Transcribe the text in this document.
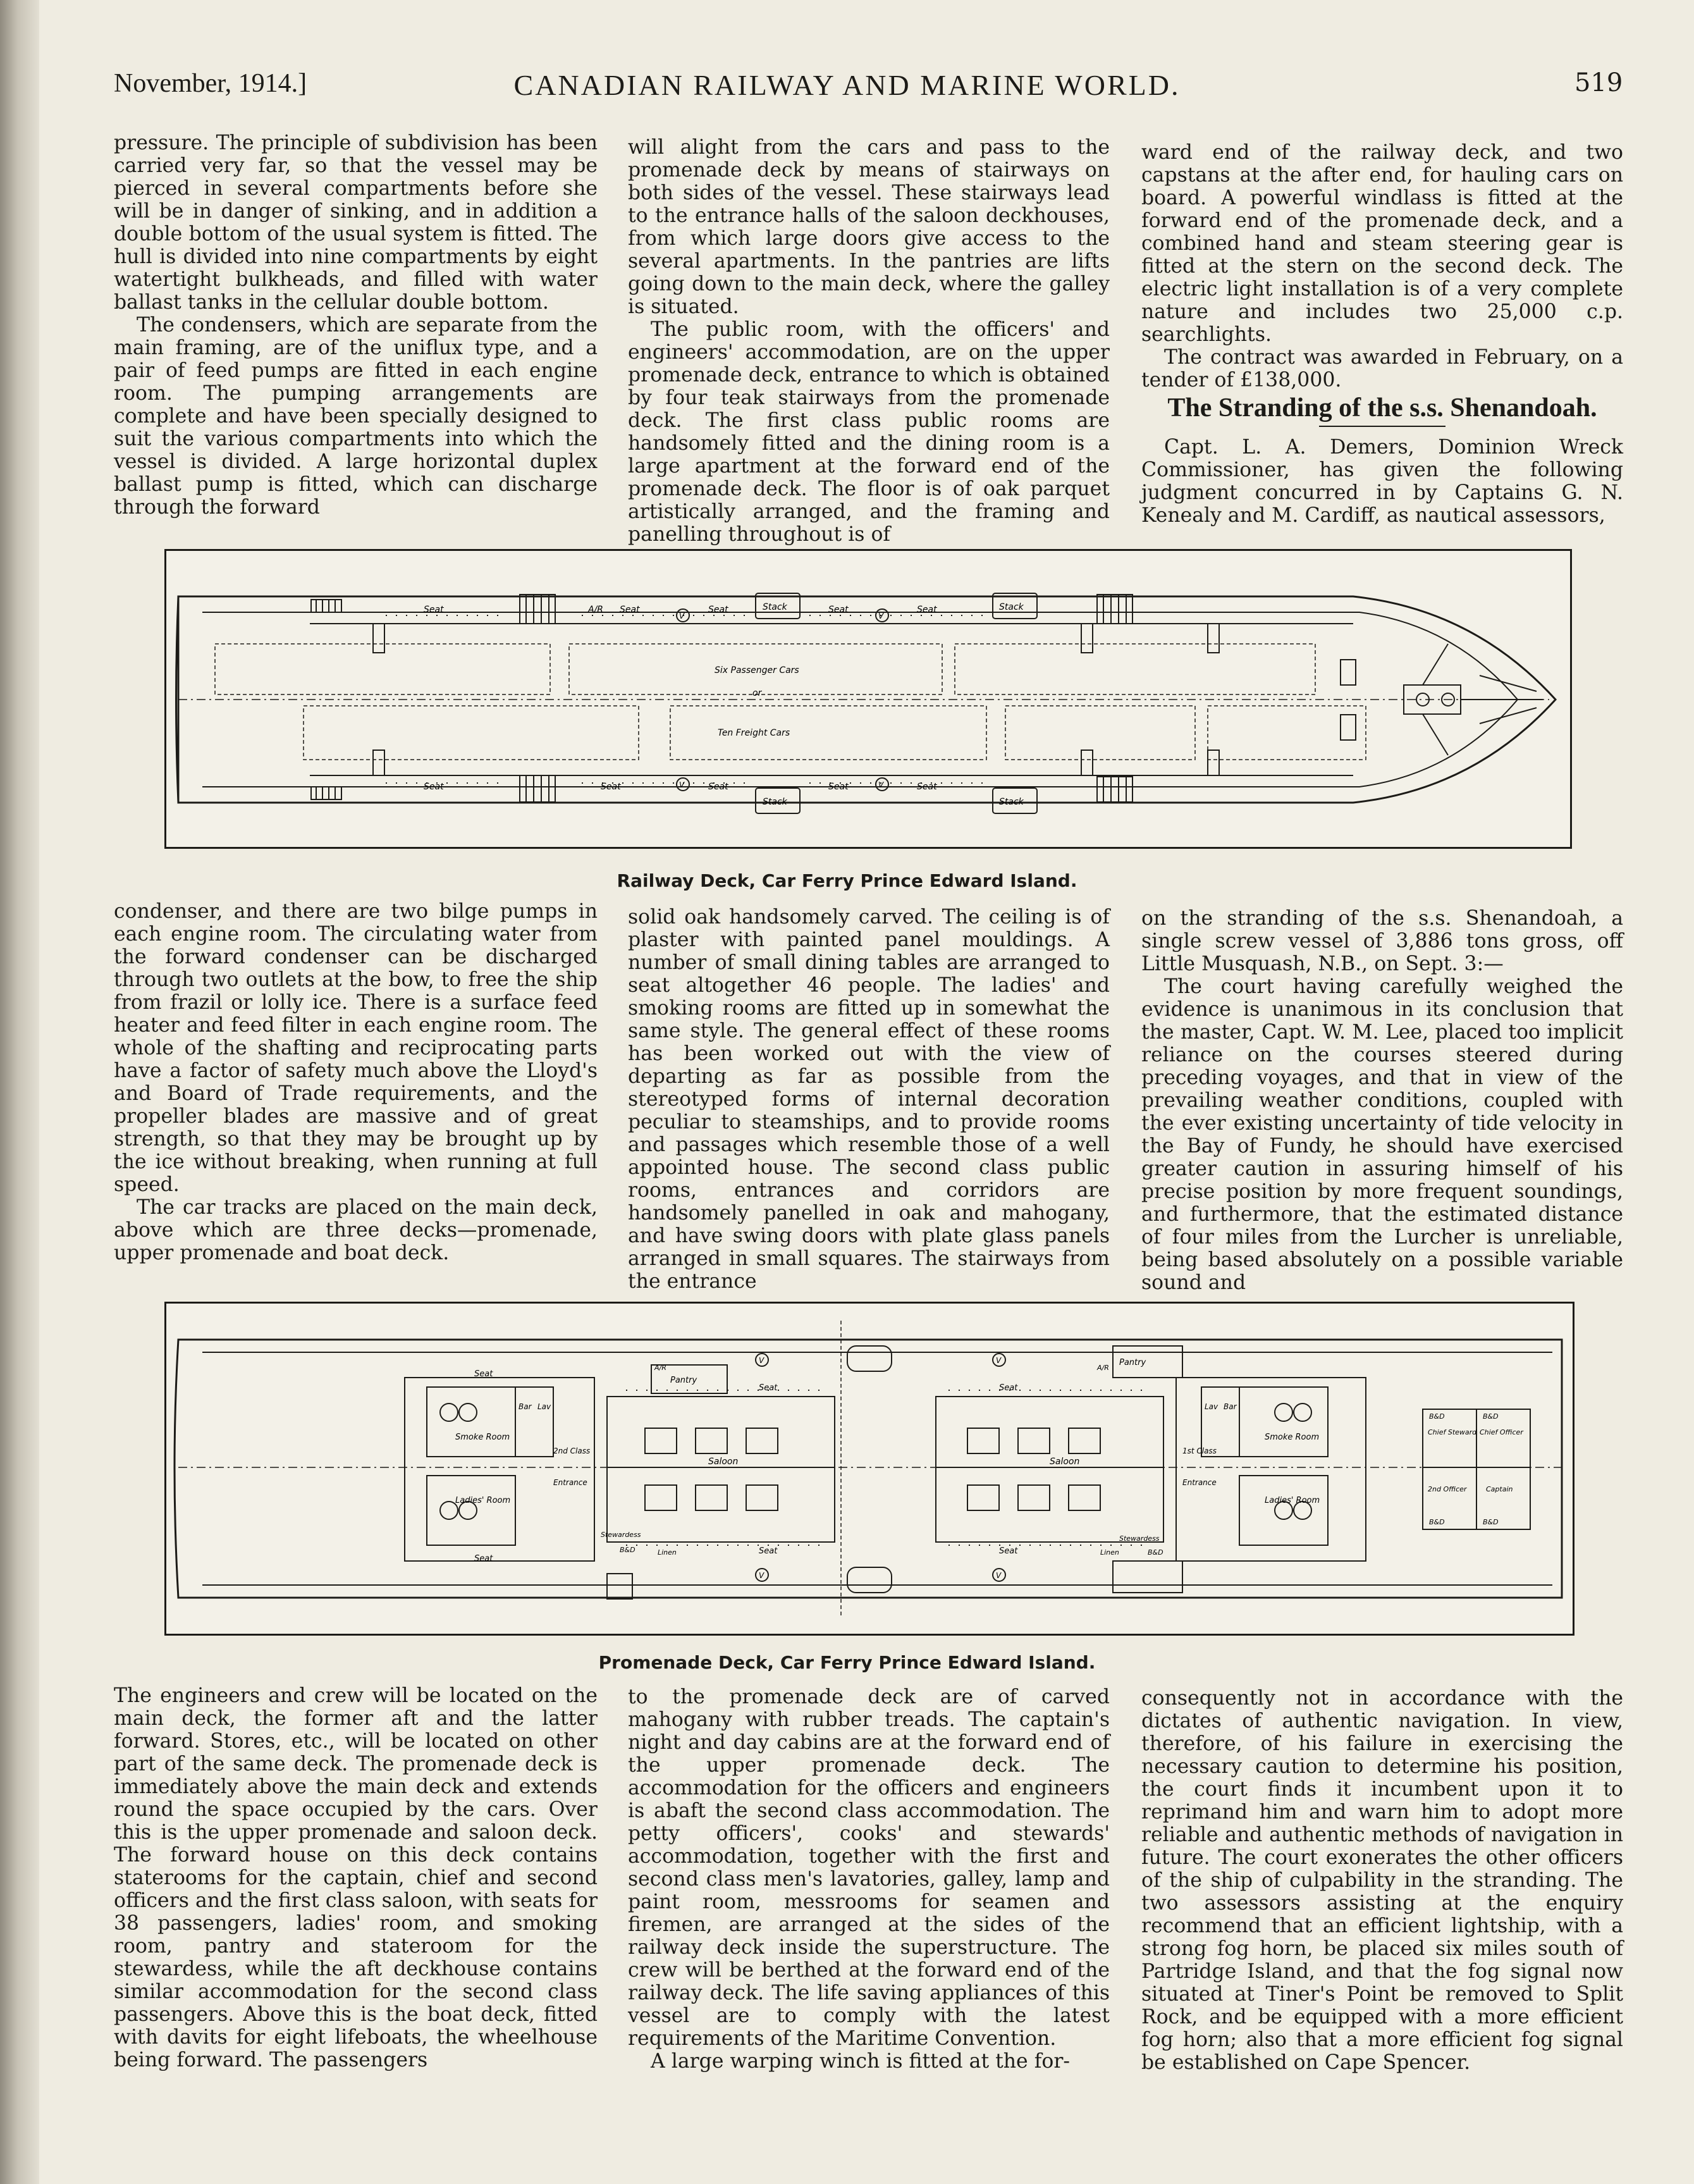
November, 1914.]	CANADIAN RAILWAY AND MARINE WORLD.	519

pressure. The principle of subdivision has been carried very far, so that the vessel may be pierced in several compartments before she will be in danger of sinking, and in addition a double bottom of the usual system is fitted. The hull is divided into nine compartments by eight watertight bulkheads, and filled with water ballast tanks in the cellular double bottom.

The condensers, which are separate from the main framing, are of the uniflux type, and a pair of feed pumps are fitted in each engine room. The pumping arrangements are complete and have been specially designed to suit the various compartments into which the vessel is divided. A large horizontal duplex ballast pump is fitted, which can discharge through the forward

will alight from the cars and pass to the promenade deck by means of stairways on both sides of the vessel. These stairways lead to the entrance halls of the saloon deckhouses, from which large doors give access to the several apartments. In the pantries are lifts going down to the main deck, where the galley is situated.

The public room, with the officers' and engineers' accommodation, are on the upper promenade deck, entrance to which is obtained by four teak stairways from the promenade deck. The first class public rooms are handsomely fitted and the dining room is a large apartment at the forward end of the promenade deck. The floor is of oak parquet artistically arranged, and the framing and panelling throughout is of

ward end of the railway deck, and two capstans at the after end, for hauling cars on board. A powerful windlass is fitted at the forward end of the promenade deck, and a combined hand and steam steering gear is fitted at the stern on the second deck. The electric light installation is of a very complete nature and includes two 25,000 c.p. searchlights.

The contract was awarded in February, on a tender of £138,000.

The Stranding of the s.s. Shenandoah.

Capt. L. A. Demers, Dominion Wreck Commissioner, has given the following judgment concurred in by Captains G. N. Kenealy and M. Cardiff, as nautical assessors,

Seat	A/R Seat	Seat	Seat	Seat
V	V
Stack	Stack
Six Passenger Cars
or
Ten Freight Cars
Seat	Seat	Seat	Seat	Seat
V	V
Stack	Stack
Railway Deck, Car Ferry Prince Edward Island.

condenser, and there are two bilge pumps in each engine room. The circulating water from the forward condenser can be discharged through two outlets at the bow, to free the ship from frazil or lolly ice. There is a surface feed heater and feed filter in each engine room. The whole of the shafting and reciprocating parts have a factor of safety much above the Lloyd's and Board of Trade requirements, and the propeller blades are massive and of great strength, so that they may be brought up by the ice without breaking, when running at full speed.

The car tracks are placed on the main deck, above which are three decks—promenade, upper promenade and boat deck.

solid oak handsomely carved. The ceiling is of plaster with painted panel mouldings. A number of small dining tables are arranged to seat altogether 46 people. The ladies' and smoking rooms are fitted up in somewhat the same style. The general effect of these rooms has been worked out with the view of departing as far as possible from the stereotyped forms of internal decoration peculiar to steamships, and to provide rooms and passages which resemble those of a well appointed house. The second class public rooms, entrances and corridors are handsomely panelled in oak and mahogany, and have swing doors with plate glass panels arranged in small squares. The stairways from the entrance

on the stranding of the s.s. Shenandoah, a single screw vessel of 3,886 tons gross, off Little Musquash, N.B., on Sept. 3:—

The court having carefully weighed the evidence is unanimous in its conclusion that the master, Capt. W. M. Lee, placed too implicit reliance on the courses steered during preceding voyages, and that in view of the prevailing weather conditions, coupled with the ever existing uncertainty of tide velocity in the Bay of Fundy, he should have exercised greater caution in assuring himself of his precise position by more frequent soundings, and furthermore, that the estimated distance of four miles from the Lurcher is unreliable, being based absolutely on a possible variable sound and

Seat
Seat	Seat
Seat	Seat
Seat
Pantry
Pantry
Saloon	Saloon
Smoke Room	Smoke Room
Ladies' Room	Ladies' Room
Bar Lav	Lav Bar
2nd Class
Entrance
1st Class
Entrance
Stewardess	Stewardess
Linen	Linen
B&D	B&D
B&D	B&D
B&D	B&D
Chief Steward Chief Officer
2nd Officer	Captain
V
V
V
V
A/R	A/R
Promenade Deck, Car Ferry Prince Edward Island.

The engineers and crew will be located on the main deck, the former aft and the latter forward. Stores, etc., will be located on other part of the same deck. The promenade deck is immediately above the main deck and extends round the space occupied by the cars. Over this is the upper promenade and saloon deck. The forward house on this deck contains staterooms for the captain, chief and second officers and the first class saloon, with seats for 38 passengers, ladies' room, and smoking room, pantry and stateroom for the stewardess, while the aft deckhouse contains similar accommodation for the second class passengers. Above this is the boat deck, fitted with davits for eight lifeboats, the wheelhouse being forward. The passengers

to the promenade deck are of carved mahogany with rubber treads. The captain's night and day cabins are at the forward end of the upper promenade deck. The accommodation for the officers and engineers is abaft the second class accommodation. The petty officers', cooks' and stewards' accommodation, together with the first and second class men's lavatories, galley, lamp and paint room, messrooms for seamen and firemen, are arranged at the sides of the railway deck inside the superstructure. The crew will be berthed at the forward end of the railway deck. The life saving appliances of this vessel are to comply with the latest requirements of the Maritime Convention.

A large warping winch is fitted at the for-

consequently not in accordance with the dictates of authentic navigation. In view, therefore, of his failure in exercising the necessary caution to determine his position, the court finds it incumbent upon it to reprimand him and warn him to adopt more reliable and authentic methods of navigation in future. The court exonerates the other officers of the ship of culpability in the stranding. The two assessors assisting at the enquiry recommend that an efficient lightship, with a strong fog horn, be placed six miles south of Partridge Island, and that the fog signal now situated at Tiner's Point be removed to Split Rock, and be equipped with a more efficient fog horn; also that a more efficient fog signal be established on Cape Spencer.
